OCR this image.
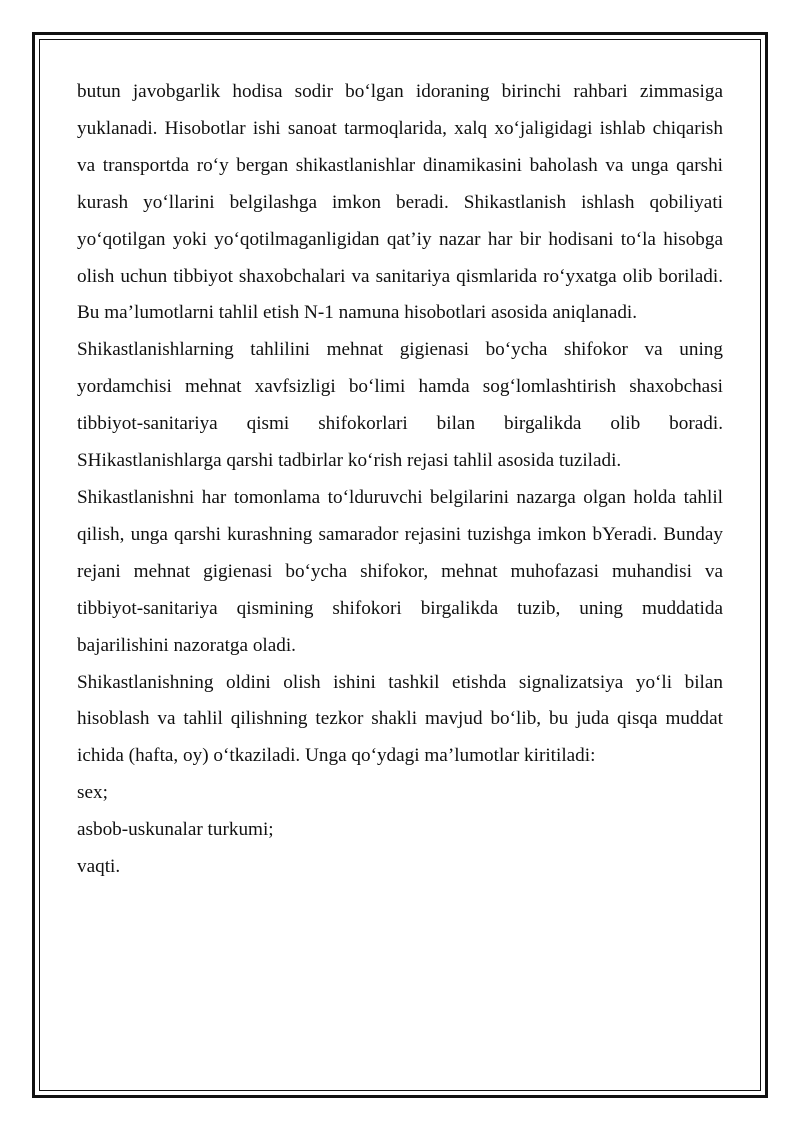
butun javobgarlik hodisa sodir bo‘lgan idoraning birinchi rahbari zimmasiga yuklanadi. Hisobotlar ishi sanoat tarmoqlarida, xalq xo‘jaligidagi ishlab chiqarish va transportda ro‘y bergan shikastlanishlar dinamikasini baholash va unga qarshi kurash yo‘llarini belgilashga imkon beradi. Shikastlanish ishlash qobiliyati yo‘qotilgan yoki yo‘qotilmaganligidan qat’iy nazar har bir hodisani to‘la hisobga olish uchun tibbiyot shaxobchalari va sanitariya qismlarida ro‘yxatga olib boriladi. Bu ma’lumotlarni tahlil etish N-1 namuna hisobotlari asosida aniqlanadi.

Shikastlanishlarning tahlilini mehnat gigienasi bo‘ycha shifokor va uning yordamchisi mehnat xavfsizligi bo‘limi hamda sog‘lomlashtirish shaxobchasi tibbiyot-sanitariya qismi shifokorlari bilan birgalikda olib boradi. SHikastlanishlarga qarshi tadbirlar ko‘rish rejasi tahlil asosida tuziladi.

Shikastlanishni har tomonlama to‘lduruvchi belgilarini nazarga olgan holda tahlil qilish, unga qarshi kurashning samarador rejasini tuzishga imkon bYeradi. Bunday rejani mehnat gigienasi bo‘ycha shifokor, mehnat muhofazasi muhandisi va tibbiyot-sanitariya qismining shifokori birgalikda tuzib, uning muddatida bajarilishini nazoratga oladi.

Shikastlanishning oldini olish ishini tashkil etishda signalizatsiya yo‘li bilan hisoblash va tahlil qilishning tezkor shakli mavjud bo‘lib, bu juda qisqa muddat ichida (hafta, oy) o‘tkaziladi. Unga qo‘ydagi ma’lumotlar kiritiladi:

sex;

asbob-uskunalar turkumi;

vaqti.
